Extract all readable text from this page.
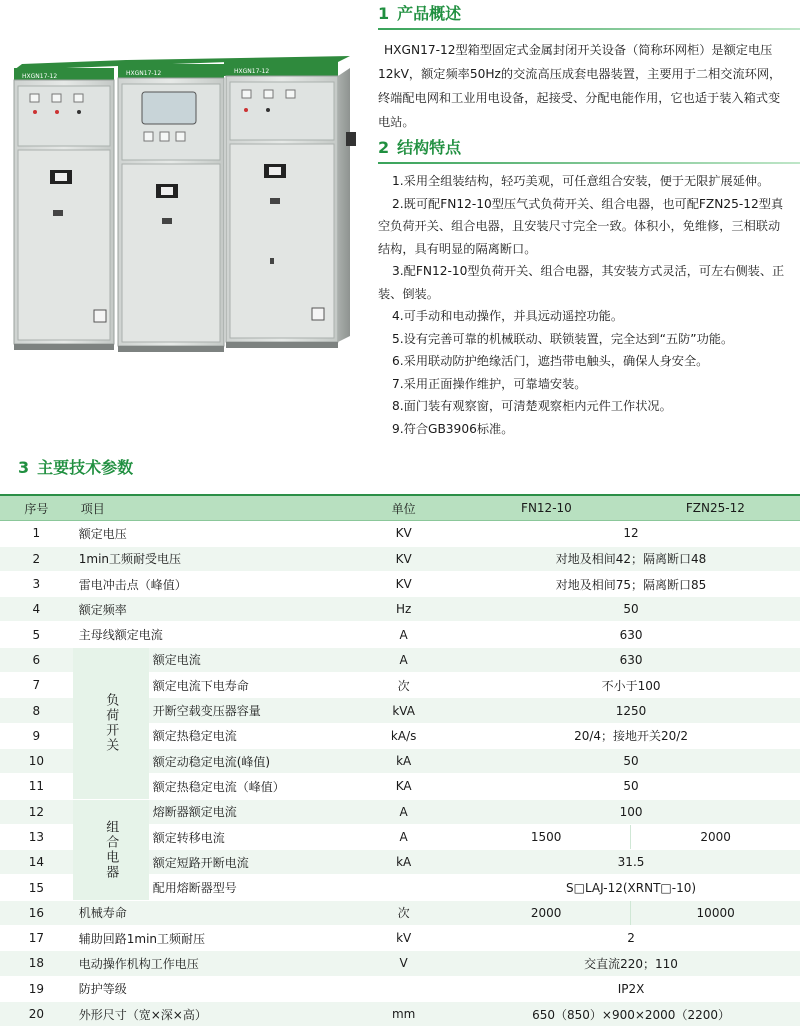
HXGN17-12	HXGN17-12	HXGN17-12
1 产品概述

HXGN17-12型箱型固定式金属封闭开关设备（简称环网柜）是额定电压12kV，额定频率50Hz的交流高压成套电器装置，主要用于二相交流环网，终端配电网和工业用电设备，起接受、分配电能作用，它也适于装入箱式变电站。

2 结构特点
1.采用全组装结构，轻巧美观，可任意组合安装，便于无限扩展延伸。
2.既可配FN12-10型压气式负荷开关、组合电器，也可配FZN25-12型真空负荷开关、组合电器，且安装尺寸完全一致。体积小，免维修，三相联动结构，具有明显的隔离断口。
3.配FN12-10型负荷开关、组合电器，其安装方式灵活，可左右侧装、正装、倒装。
4.可手动和电动操作，并具远动遥控功能。
5.设有完善可靠的机械联动、联锁装置，完全达到“五防”功能。
6.采用联动防护绝缘活门，遮挡带电触头，确保人身安全。
7.采用正面操作维护，可靠墙安装。
8.面门装有观察窗，可清楚观察柜内元件工作状况。
9.符合GB3906标准。
3 主要技术参数
序号	项目		单位	FN12-10	FZN25-12
1	额定电压		KV	12	
2	1min工频耐受电压		KV	对地及相间42；隔离断口48	
3	雷电冲击点（峰值）		KV	对地及相间75；隔离断口85	
4	额定频率		Hz	50	
5	主母线额定电流		A	630	
6	负荷开关	额定电流	A	630	
7		额定电流下电寿命	次	不小于100	
8		开断空载变压器容量	kVA	1250	
9		额定热稳定电流	kA/s	20/4；接地开关20/2	
10		额定动稳定电流(峰值)	kA	50	
11		额定热稳定电流（峰值）	KA	50	
12	组合电器	熔断器额定电流	A	100	
13		额定转移电流	A	1500	2000
14		额定短路开断电流	kA	31.5	
15		配用熔断器型号		S□LAJ-12(XRNT□-10)	
16	机械寿命		次	2000	10000
17	辅助回路1min工频耐压		kV	2	
18	电动操作机构工作电压		V	交直流220；110	
19	防护等级			IP2X	
20	外形尺寸（宽×深×高）		mm	650（850）×900×2000（2200）	
